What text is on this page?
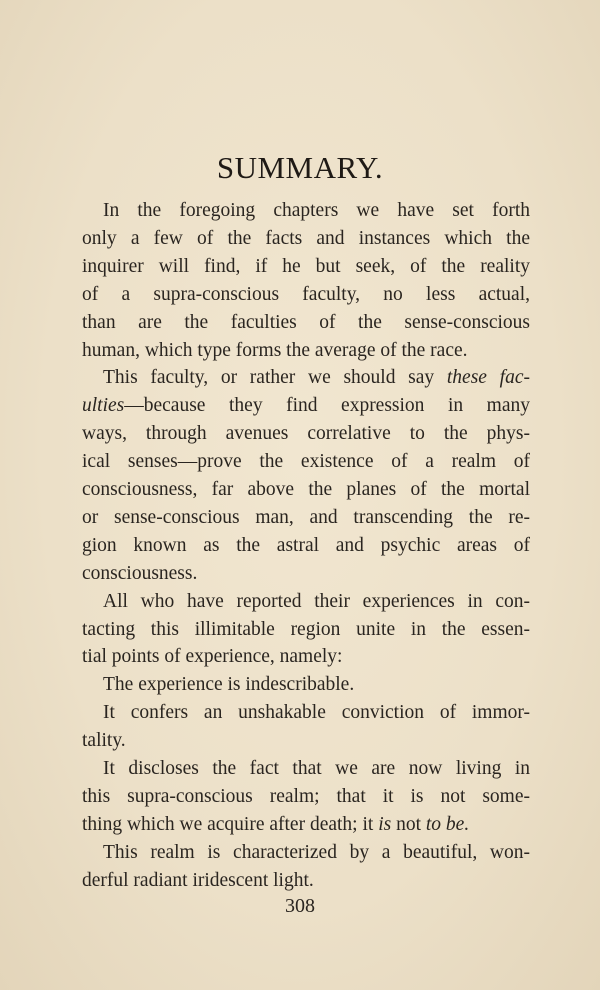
SUMMARY.
In the foregoing chapters we have set forth
only a few of the facts and instances which the
inquirer will find, if he but seek, of the reality
of a supra-conscious faculty, no less actual,
than are the faculties of the sense-conscious
human, which type forms the average of the race.
This faculty, or rather we should say these fac-
ulties—because they find expression in many
ways, through avenues correlative to the phys-
ical senses—prove the existence of a realm of
consciousness, far above the planes of the mortal
or sense-conscious man, and transcending the re-
gion known as the astral and psychic areas of
consciousness.
All who have reported their experiences in con-
tacting this illimitable region unite in the essen-
tial points of experience, namely:
The experience is indescribable.
It confers an unshakable conviction of immor-
tality.
It discloses the fact that we are now living in
this supra-conscious realm; that it is not some-
thing which we acquire after death; it is not to be.
This realm is characterized by a beautiful, won-
derful radiant iridescent light.
308
